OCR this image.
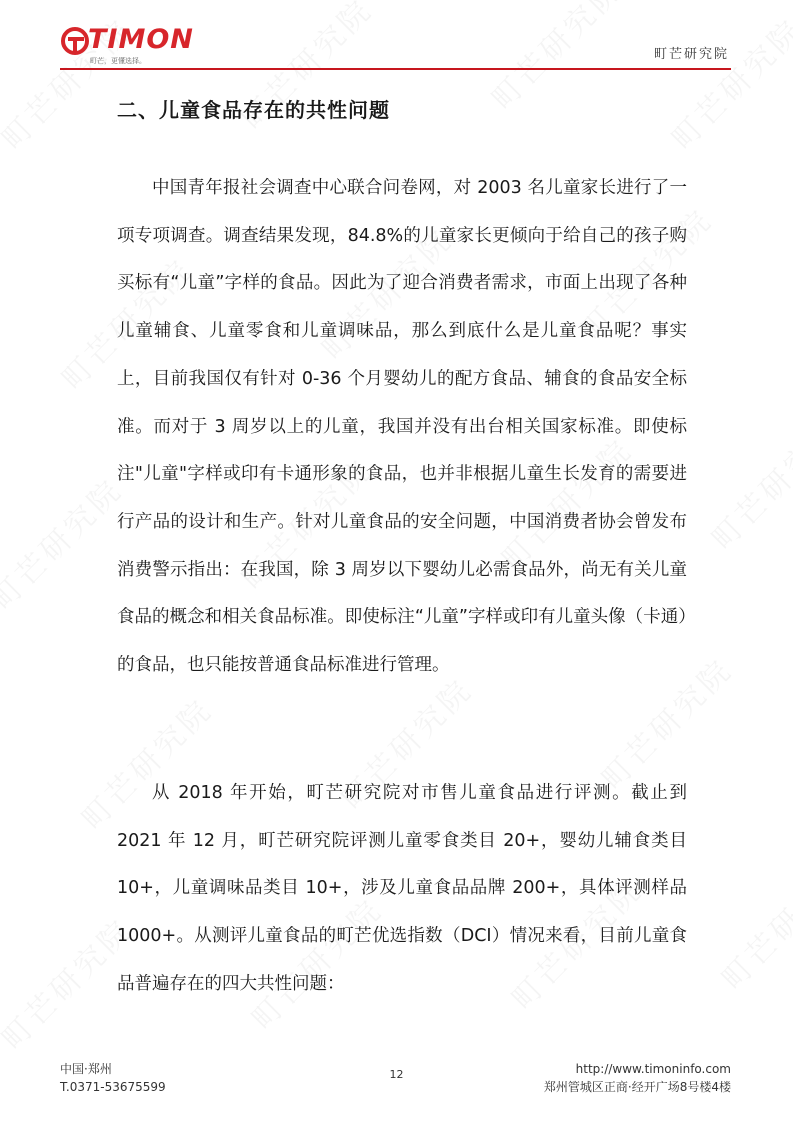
TIMON
町芒，更懂选择。	町芒研究院
二、儿童食品存在的共性问题

中国青年报社会调查中心联合问卷网，对 2003 名儿童家长进行了一项专项调查。调查结果发现，84.8%的儿童家长更倾向于给自己的孩子购买标有“儿童”字样的食品。因此为了迎合消费者需求，市面上出现了各种儿童辅食、儿童零食和儿童调味品，那么到底什么是儿童食品呢？事实上，目前我国仅有针对 0-36 个月婴幼儿的配方食品、辅食的食品安全标准。而对于 3 周岁以上的儿童，我国并没有出台相关国家标准。即使标注"儿童"字样或印有卡通形象的食品，也并非根据儿童生长发育的需要进行产品的设计和生产。针对儿童食品的安全问题，中国消费者协会曾发布消费警示指出：在我国，除 3 周岁以下婴幼儿必需食品外，尚无有关儿童食品的概念和相关食品标准。即使标注“儿童”字样或印有儿童头像（卡通）的食品，也只能按普通食品标准进行管理。

从 2018 年开始，町芒研究院对市售儿童食品进行评测。截止到 2021 年 12 月，町芒研究院评测儿童零食类目 20+，婴幼儿辅食类目 10+，儿童调味品类目 10+，涉及儿童食品品牌 200+，具体评测样品 1000+。从测评儿童食品的町芒优选指数（DCI）情况来看，目前儿童食品普遍存在的四大共性问题：

中国·郑州
T.0371-53675599
12	http://www.timoninfo.com
郑州管城区正商·经开广场8号楼4楼
